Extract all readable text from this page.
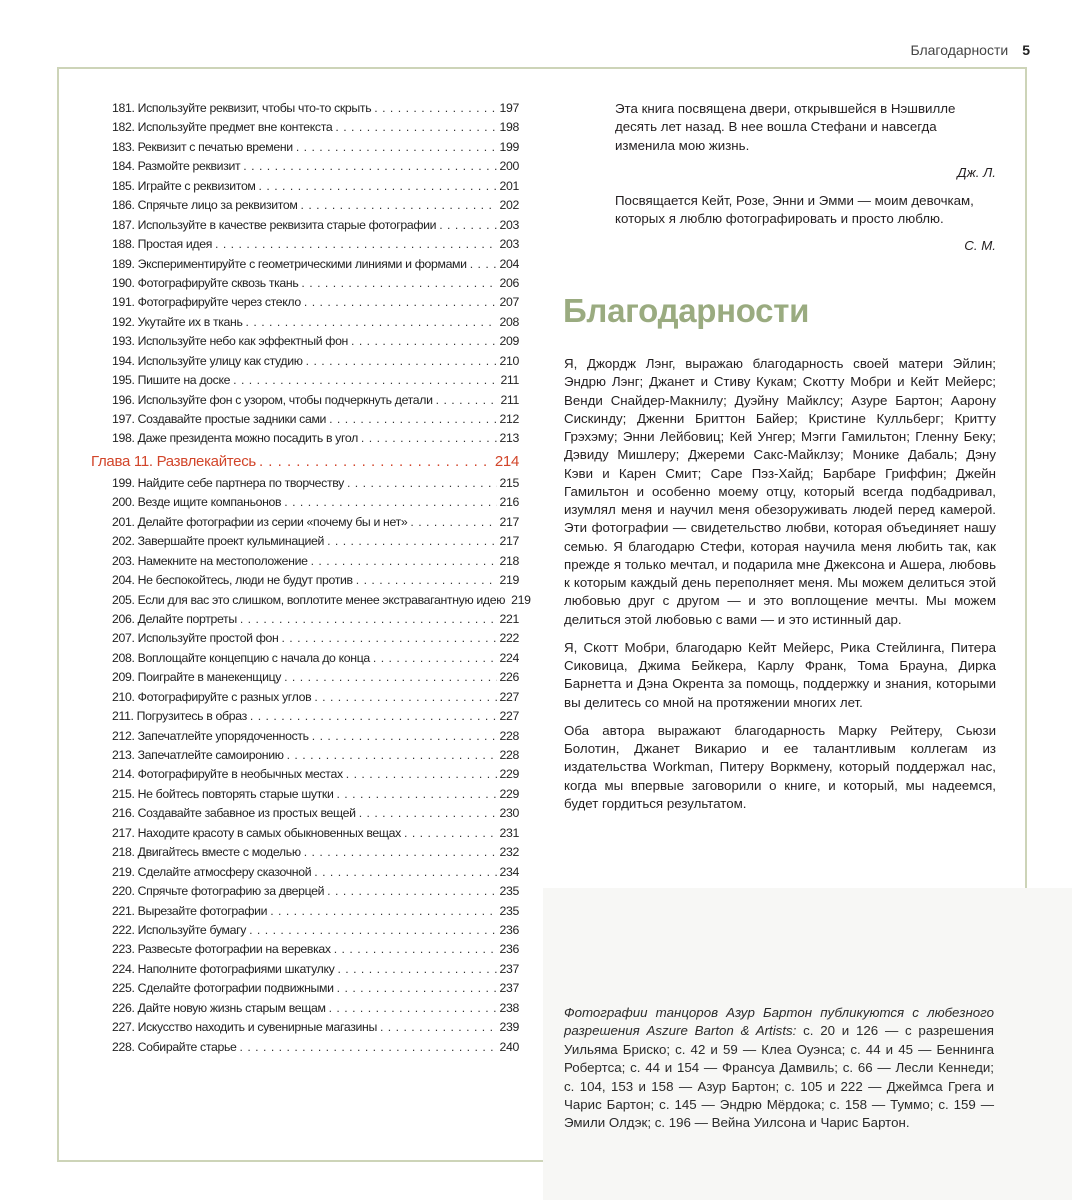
Благодарности 5
181. Используйте реквизит, чтобы что-то скрыть . . .	197
182. Используйте предмет вне контекста . . .	198
183. Реквизит с печатью времени . . .	199
184. Размойте реквизит . . .	200
185. Играйте с реквизитом . . .	201
186. Спрячьте лицо за реквизитом . . .	202
187. Используйте в качестве реквизита старые фотографии . . .	203
188. Простая идея . . .	203
189. Экспериментируйте с геометрическими линиями и формами . . .	204
190. Фотографируйте сквозь ткань . . .	206
191. Фотографируйте через стекло . . .	207
192. Укутайте их в ткань . . .	208
193. Используйте небо как эффектный фон . . .	209
194. Используйте улицу как студию . . .	210
195. Пишите на доске . . .	211
196. Используйте фон с узором, чтобы подчеркнуть детали . . .	211
197. Создавайте простые задники сами . . .	212
198. Даже президента можно посадить в угол . . .	213
Глава 11. Развлекайтесь . . .	214
199. Найдите себе партнера по творчеству . . .	215
200. Везде ищите компаньонов . . .	216
201. Делайте фотографии из серии «почему бы и нет» . . .	217
202. Завершайте проект кульминацией . . .	217
203. Намекните на местоположение . . .	218
204. Не беспокойтесь, люди не будут против . . .	219
205. Если для вас это слишком, воплотите менее экстравагантную идею 219
206. Делайте портреты . . .	221
207. Используйте простой фон . . .	222
208. Воплощайте концепцию с начала до конца . . .	224
209. Поиграйте в манекенщицу . . .	226
210. Фотографируйте с разных углов . . .	227
211. Погрузитесь в образ . . .	227
212. Запечатлейте упорядоченность . . .	228
213. Запечатлейте самоиронию . . .	228
214. Фотографируйте в необычных местах . . .	229
215. Не бойтесь повторять старые шутки . . .	229
216. Создавайте забавное из простых вещей . . .	230
217. Находите красоту в самых обыкновенных вещах . . .	231
218. Двигайтесь вместе с моделью . . .	232
219. Сделайте атмосферу сказочной . . .	234
220. Спрячьте фотографию за дверцей . . .	235
221. Вырезайте фотографии . . .	235
222. Используйте бумагу . . .	236
223. Развесьте фотографии на веревках . . .	236
224. Наполните фотографиями шкатулку . . .	237
225. Сделайте фотографии подвижными . . .	237
226. Дайте новую жизнь старым вещам . . .	238
227. Искусство находить и сувенирные магазины . . .	239
228. Собирайте старье . . .	240

Эта книга посвящена двери, открывшейся в Нэшвилле десять лет назад. В нее вошла Стефани и навсегда изменила мою жизнь.

Дж. Л.

Посвящается Кейт, Розе, Энни и Эмми — моим девочкам, которых я люблю фотографировать и просто люблю.

С. М.

Благодарности

Я, Джордж Лэнг, выражаю благодарность своей матери Эйлин; Эндрю Лэнг; Джанет и Стиву Кукам; Скотту Мобри и Кейт Мейерс; Венди Снайдер-Макнилу; Дуэйну Майклсу; Азуре Бартон; Аарону Сискинду; Дженни Бриттон Байер; Кристине Кулльберг; Критту Грэхэму; Энни Лейбовиц; Кей Унгер; Мэгги Гамильтон; Гленну Беку; Дэвиду Мишлеру; Джереми Сакс-Майклзу; Монике Дабаль; Дэну Кэви и Карен Смит; Саре Пэз-Хайд; Барбаре Гриффин; Джейн Гамильтон и особенно моему отцу, который всегда подбадривал, изумлял меня и научил меня обезоруживать людей перед камерой. Эти фотографии — свидетельство любви, которая объединяет нашу семью. Я благодарю Стефи, которая научила меня любить так, как прежде я только мечтал, и подарила мне Джексона и Ашера, любовь к которым каждый день переполняет меня. Мы можем делиться этой любовью друг с другом — и это воплощение мечты. Мы можем делиться этой любовью с вами — и это истинный дар.

Я, Скотт Мобри, благодарю Кейт Мейерс, Рика Стейлинга, Питера Сиковица, Джима Бейкера, Карлу Франк, Тома Брауна, Дирка Барнетта и Дэна Окрента за помощь, поддержку и знания, которыми вы делитесь со мной на протяжении многих лет.

Оба автора выражают благодарность Марку Рейтеру, Сьюзи Болотин, Джанет Викарио и ее талантливым коллегам из издательства Workman, Питеру Воркмену, который поддержал нас, когда мы впервые заговорили о книге, и который, мы надеемся, будет гордиться результатом.

Фотографии танцоров Азур Бартон публикуются с любезного разрешения Aszure Barton & Artists: с. 20 и 126 — с разрешения Уильяма Бриско; с. 42 и 59 — Клеа Оуэнса; с. 44 и 45 — Беннинга Робертса; с. 44 и 154 — Франсуа Дамвиль; с. 66 — Лесли Кеннеди; с. 104, 153 и 158 — Азур Бартон; с. 105 и 222 — Джеймса Грега и Чарис Бартон; с. 145 — Эндрю Мёрдока; с. 158 — Туммо; с. 159 — Эмили Олдэк; с. 196 — Вейна Уилсона и Чарис Бартон.
